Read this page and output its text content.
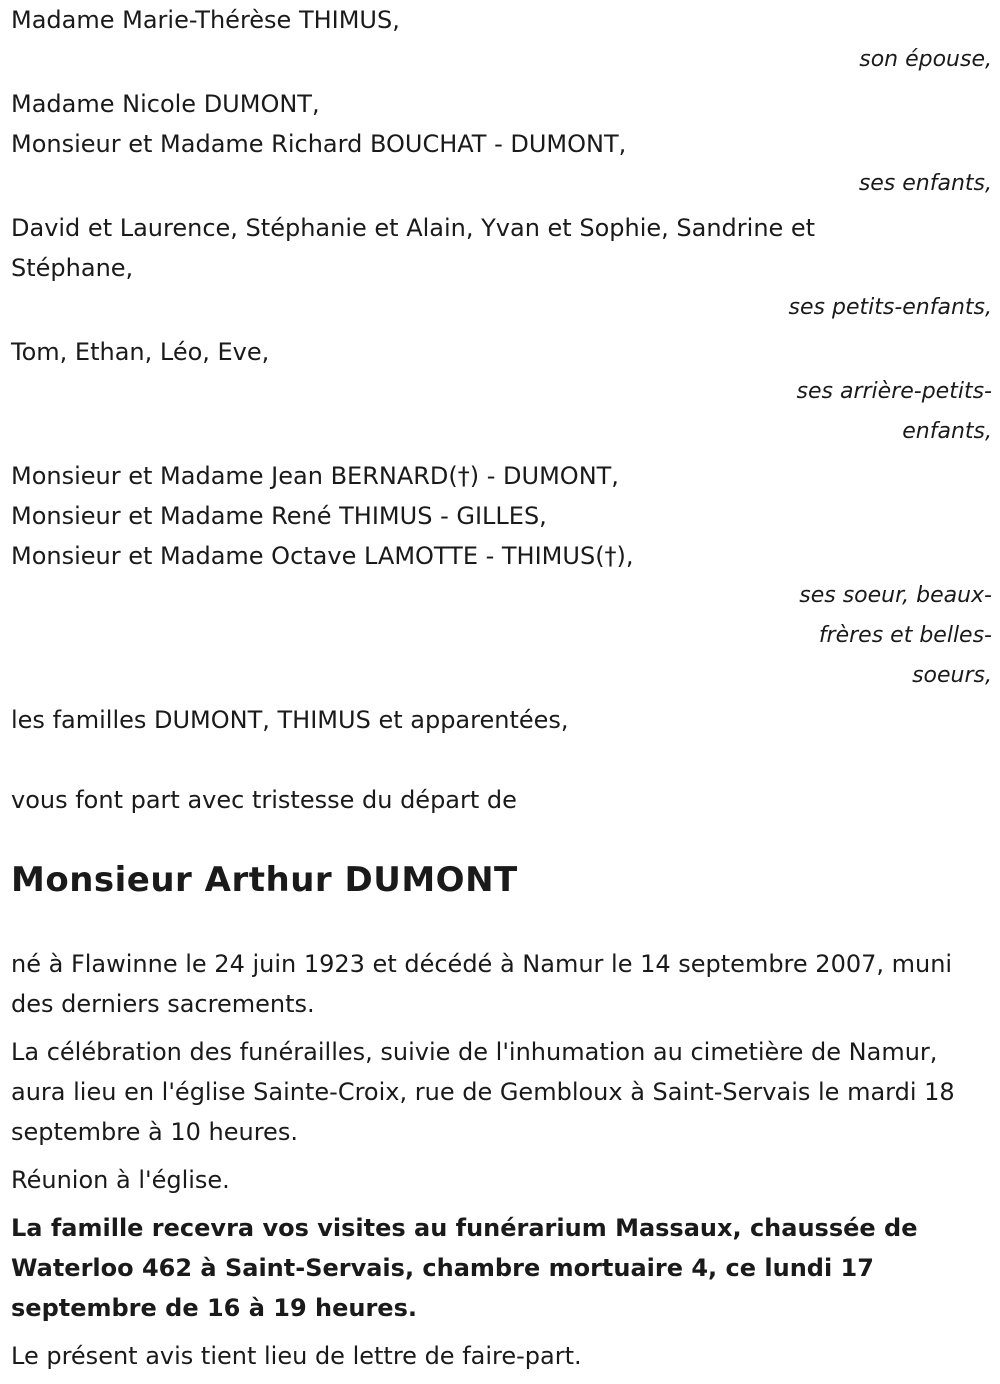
Madame Marie-Thérèse THIMUS,
son épouse,
Madame Nicole DUMONT,
Monsieur et Madame Richard BOUCHAT - DUMONT,
ses enfants,
David et Laurence, Stéphanie et Alain, Yvan et Sophie, Sandrine et Stéphane,
ses petits-enfants,
Tom, Ethan, Léo, Eve,
ses arrière-petits-enfants,
Monsieur et Madame Jean BERNARD(†) - DUMONT,
Monsieur et Madame René THIMUS - GILLES,
Monsieur et Madame Octave LAMOTTE - THIMUS(†),
ses soeur, beaux-frères et belles-soeurs,
les familles DUMONT, THIMUS et apparentées,
vous font part avec tristesse du départ de
Monsieur Arthur DUMONT
né à Flawinne le 24 juin 1923 et décédé à Namur le 14 septembre 2007, muni des derniers sacrements.
La célébration des funérailles, suivie de l'inhumation au cimetière de Namur, aura lieu en l'église Sainte-Croix, rue de Gembloux à Saint-Servais le mardi 18 septembre à 10 heures.
Réunion à l'église.
La famille recevra vos visites au funérarium Massaux, chaussée de Waterloo 462 à Saint-Servais, chambre mortuaire 4, ce lundi 17 septembre de 16 à 19 heures.
Le présent avis tient lieu de lettre de faire-part.
